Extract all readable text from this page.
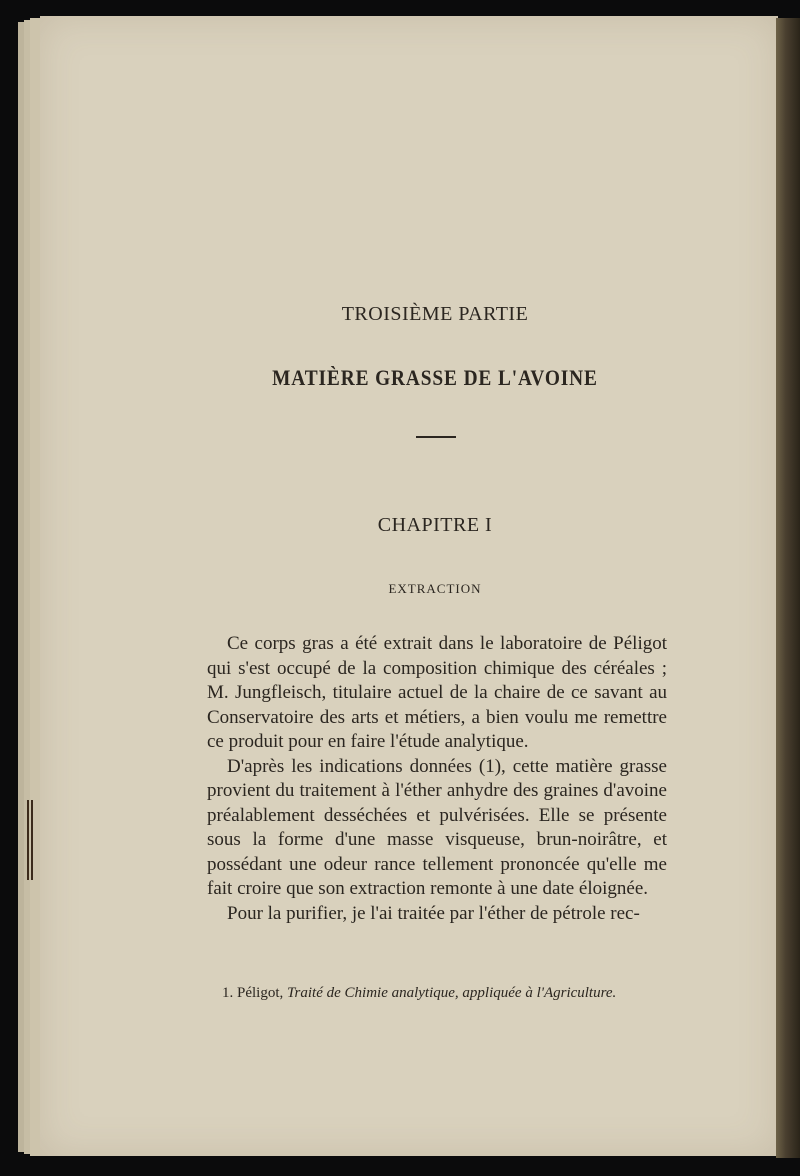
TROISIÈME PARTIE
MATIÈRE GRASSE DE L'AVOINE
CHAPITRE I
EXTRACTION

Ce corps gras a été extrait dans le laboratoire de Péligot qui s'est occupé de la composition chimique des céréales ; M. Jungfleisch, titulaire actuel de la chaire de ce savant au Conservatoire des arts et métiers, a bien voulu me remettre ce produit pour en faire l'étude analytique.

D'après les indications données (1), cette matière grasse provient du traitement à l'éther anhydre des graines d'avoine préalablement desséchées et pulvérisées. Elle se présente sous la forme d'une masse visqueuse, brun-noirâtre, et possédant une odeur rance tellement prononcée qu'elle me fait croire que son extraction remonte à une date éloignée.

Pour la purifier, je l'ai traitée par l'éther de pétrole rec-

1. Péligot, Traité de Chimie analytique, appliquée à l'Agriculture.
